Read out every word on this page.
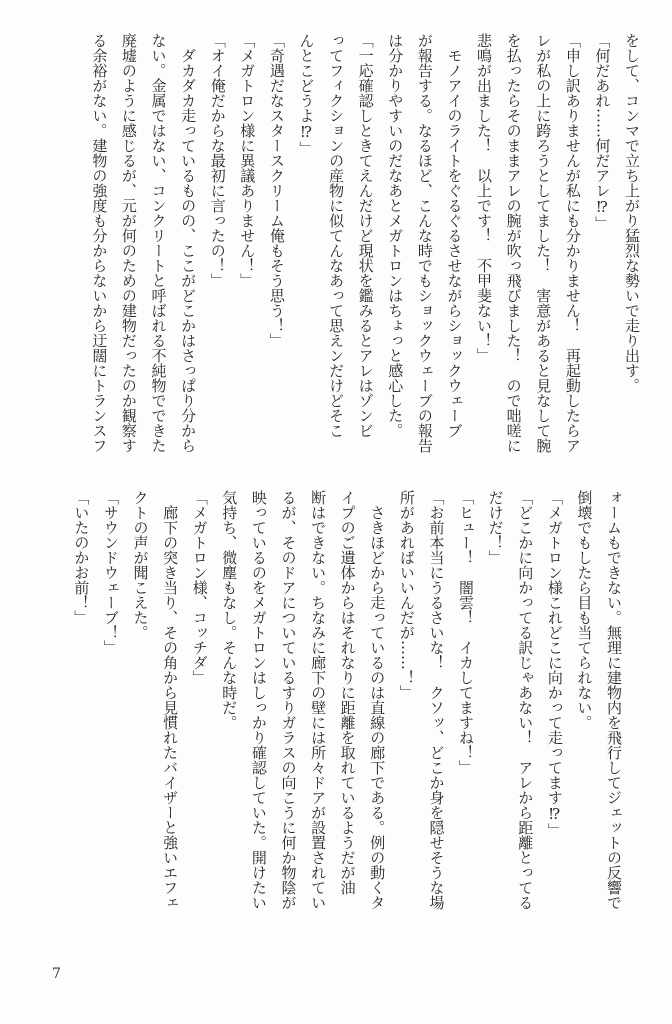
をして、コンマで立ち上がり猛烈な勢いで走り出す。
「何だあれ……何だアレ⁉」
「申し訳ありませんが私にも分かりません！　再起動したらア
レが私の上に跨ろうとしてました！　害意があると見なして腕
を払ったらそのままアレの腕が吹っ飛びました！　ので咄嗟に
悲鳴が出ました！　以上です！　不甲斐ない！」
　モノアイのライトをぐるぐるさせながらショックウェーブ
が報告する。なるほど、こんな時でもショックウェーブの報告
は分かりやすいのだなあとメガトロンはちょっと感心した。
「一応確認しときてえんだけど現状を鑑みるとアレはゾンビ
ってフィクションの産物に似てんなあって思えンだけどそこ
んとこどうよ⁉」
「奇遇だなスタースクリーム俺もそう思う！」
「メガトロン様に異議ありません！」
「オイ俺だからな最初に言ったの！」
　ダカダカ走っているものの、ここがどこかはさっぱり分から
ない。金属ではない、コンクリートと呼ばれる不純物でできた
廃墟のように感じるが、元が何のための建物だったのか観察す
る余裕がない。建物の強度も分からないから迂闊にトランスフ
ォームもできない。無理に建物内を飛行してジェットの反響で
倒壊でもしたら目も当てられない。
「メガトロン様これどこに向かって走ってます⁉」
「どこかに向かってる訳じゃあない！　アレから距離とってる
だけだ！」
「ヒュー！　闇雲！　イカしてますね！」
「お前本当にうるさいな！　クソッ、どこか身を隠せそうな場
所があればいいんだが……！」
　さきほどから走っているのは直線の廊下である。例の動くタ
イプのご遺体からはそれなりに距離を取れているようだが油
断はできない。ちなみに廊下の壁には所々ドアが設置されてい
るが、そのドアについているすりガラスの向こうに何か物陰が
映っているのをメガトロンはしっかり確認していた。開けたい
気持ち、微塵もなし。そんな時だ。
「メガトロン様、コッチダ」
　廊下の突き当り、その角から見慣れたバイザーと強いエフェ
クトの声が聞こえた。
「サウンドウェーブ！」
「いたのかお前！」
7
